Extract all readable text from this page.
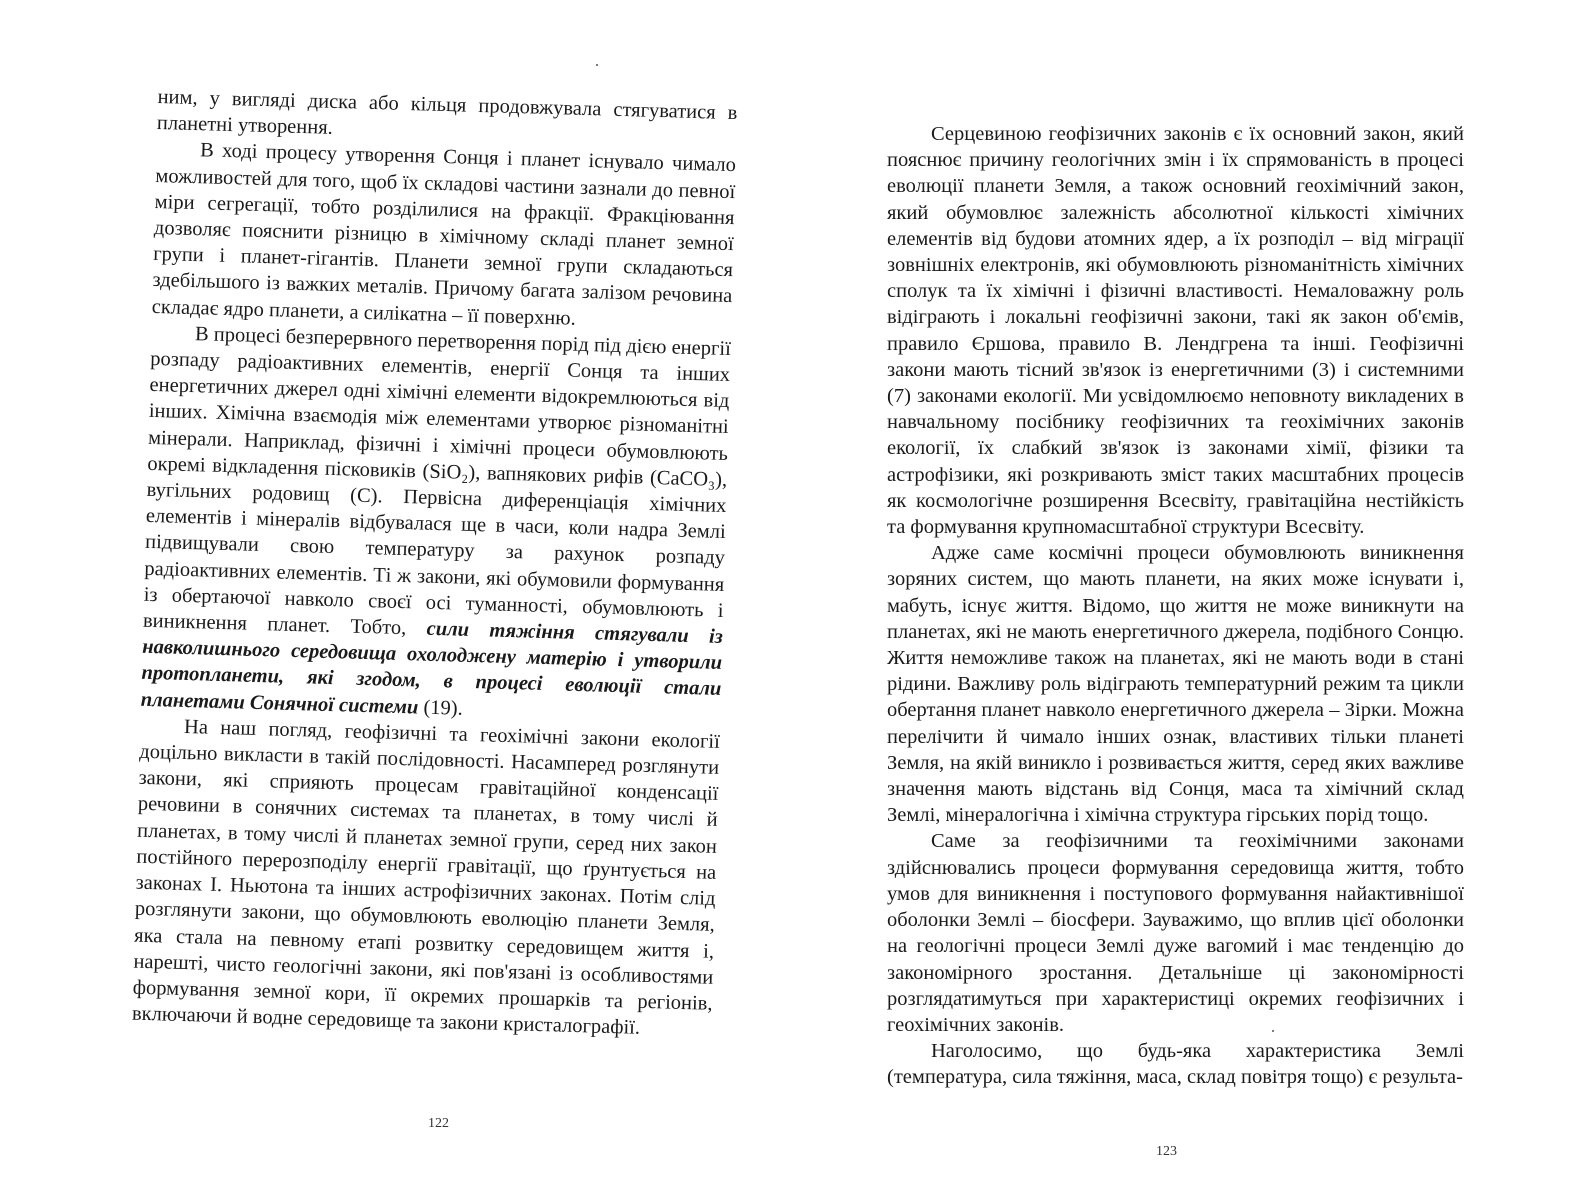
ним, у вигляді диска або кільця продовжувала стягуватися в планетні утворення.

В ході процесу утворення Сонця і планет існувало чимало можливостей для того, щоб їх складові частини зазнали до певної міри сегрегації, тобто розділилися на фракції. Фракціювання дозволяє пояснити різницю в хімічному складі планет земної групи і планет-гігантів. Планети земної групи складаються здебільшого із важких металів. Причому багата залізом речовина складає ядро планети, а силікатна – її поверхню.

В процесі безперервного перетворення порід під дією енергії розпаду радіоактивних елементів, енергії Сонця та інших енергетичних джерел одні хімічні елементи відокремлюються від інших. Хімічна взаємодія між елементами утворює різноманітні мінерали. Наприклад, фізичні і хімічні процеси обумовлюють окремі відкладення пісковиків (SiO₂), вапнякових рифів (CaCO₃), вугільних родовищ (С). Первісна диференціація хімічних елементів і мінералів відбувалася ще в часи, коли надра Землі підвищували свою температуру за рахунок розпаду радіоактивних елементів. Ті ж закони, які обумовили формування із обертаючої навколо своєї осі туманності, обумовлюють і виникнення планет. Тобто, сили тяжіння стягували із навколишнього середовища охолоджену матерію і утворили протопланети, які згодом, в процесі еволюції стали планетами Сонячної системи (19).

На наш погляд, геофізичні та геохімічні закони екології доцільно викласти в такій послідовності. Насамперед розглянути закони, які сприяють процесам гравітаційної конденсації речовини в сонячних системах та планетах, в тому числі й планетах, в тому числі й планетах земної групи, серед них закон постійного перерозподілу енергії гравітації, що ґрунтується на законах І. Ньютона та інших астрофізичних законах. Потім слід розглянути закони, що обумовлюють еволюцію планети Земля, яка стала на певному етапі розвитку середовищем життя і, нарешті, чисто геологічні закони, які пов'язані із особливостями формування земної кори, її окремих прошарків та регіонів, включаючи й водне середовище та закони кристалографії.

122

Серцевиною геофізичних законів є їх основний закон, який пояснює причину геологічних змін і їх спрямованість в процесі еволюції планети Земля, а також основний геохімічний закон, який обумовлює залежність абсолютної кількості хімічних елементів від будови атомних ядер, а їх розподіл – від міграції зовнішніх електронів, які обумовлюють різноманітність хімічних сполук та їх хімічні і фізичні властивості. Немаловажну роль відіграють і локальні геофізичні закони, такі як закон об'ємів, правило Єршова, правило В. Лендгрена та інші. Геофізичні закони мають тісний зв'язок із енергетичними (3) і системними (7) законами екології. Ми усвідомлюємо неповноту викладених в навчальному посібнику геофізичних та геохімічних законів екології, їх слабкий зв'язок із законами хімії, фізики та астрофізики, які розкривають зміст таких масштабних процесів як космологічне розширення Всесвіту, гравітаційна нестійкість та формування крупномасштабної структури Всесвіту.

Адже саме космічні процеси обумовлюють виникнення зоряних систем, що мають планети, на яких може існувати і, мабуть, існує життя. Відомо, що життя не може виникнути на планетах, які не мають енергетичного джерела, подібного Сонцю. Життя неможливе також на планетах, які не мають води в стані рідини. Важливу роль відіграють температурний режим та цикли обертання планет навколо енергетичного джерела – Зірки. Можна перелічити й чимало інших ознак, властивих тільки планеті Земля, на якій виникло і розвивається життя, серед яких важливе значення мають відстань від Сонця, маса та хімічний склад Землі, мінералогічна і хімічна структура гірських порід тощо.

Саме за геофізичними та геохімічними законами здійснювались процеси формування середовища життя, тобто умов для виникнення і поступового формування найактивнішої оболонки Землі – біосфери. Зауважимо, що вплив цієї оболонки на геологічні процеси Землі дуже вагомий і має тенденцію до закономірного зростання. Детальніше ці закономірності розглядатимуться при характеристиці окремих геофізичних і геохімічних законів.

Наголосимо, що будь-яка характеристика Землі (температура, сила тяжіння, маса, склад повітря тощо) є результа-

123
